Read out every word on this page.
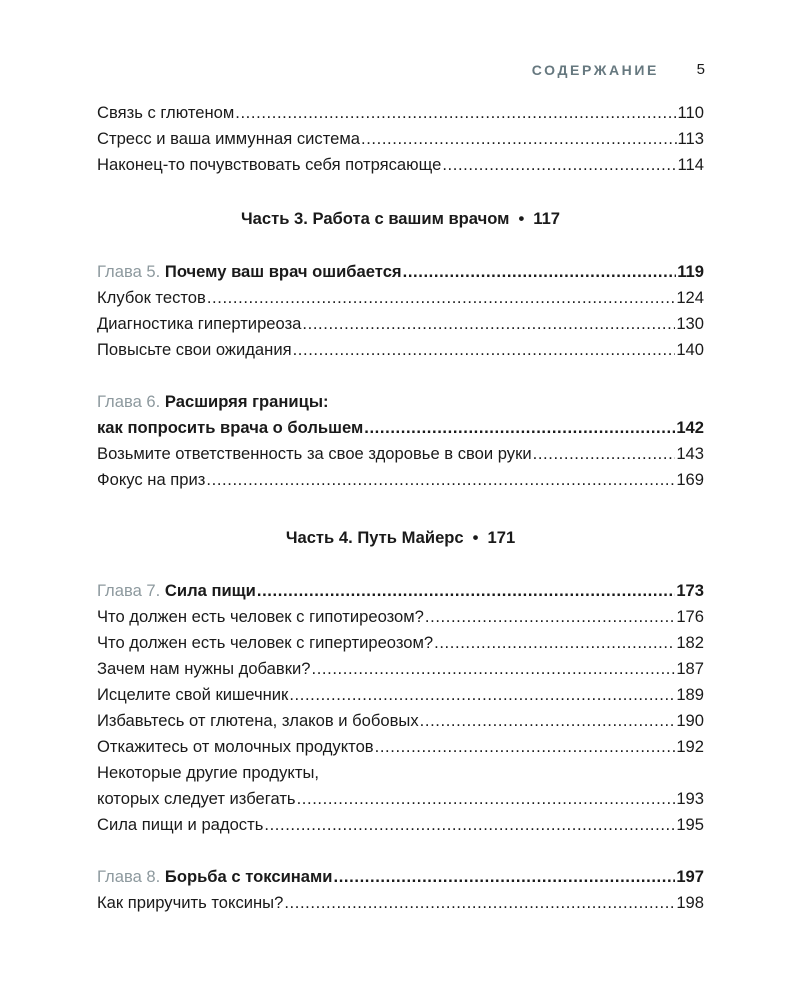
СОДЕРЖАНИЕ	5
Связь с глютеном .....	110
Стресс и ваша иммунная система .....	113
Наконец-то почувствовать себя потрясающе .....	114
Часть 3. Работа с вашим врачом • 117
Глава 5. Почему ваш врач ошибается .....	119
Клубок тестов .....	124
Диагностика гипертиреоза .....	130
Повысьте свои ожидания .....	140
Глава 6. Расширяя границы:
как попросить врача о большем .....	142
Возьмите ответственность за свое здоровье в свои руки .....	143
Фокус на приз .....	169
Часть 4. Путь Майерс • 171
Глава 7. Сила пищи .....	173
Что должен есть человек с гипотиреозом? .....	176
Что должен есть человек с гипертиреозом? .....	182
Зачем нам нужны добавки? .....	187
Исцелите свой кишечник .....	189
Избавьтесь от глютена, злаков и бобовых .....	190
Откажитесь от молочных продуктов .....	192
Некоторые другие продукты,
которых следует избегать .....	193
Сила пищи и радость .....	195
Глава 8. Борьба с токсинами .....	197
Как приручить токсины? .....	198
